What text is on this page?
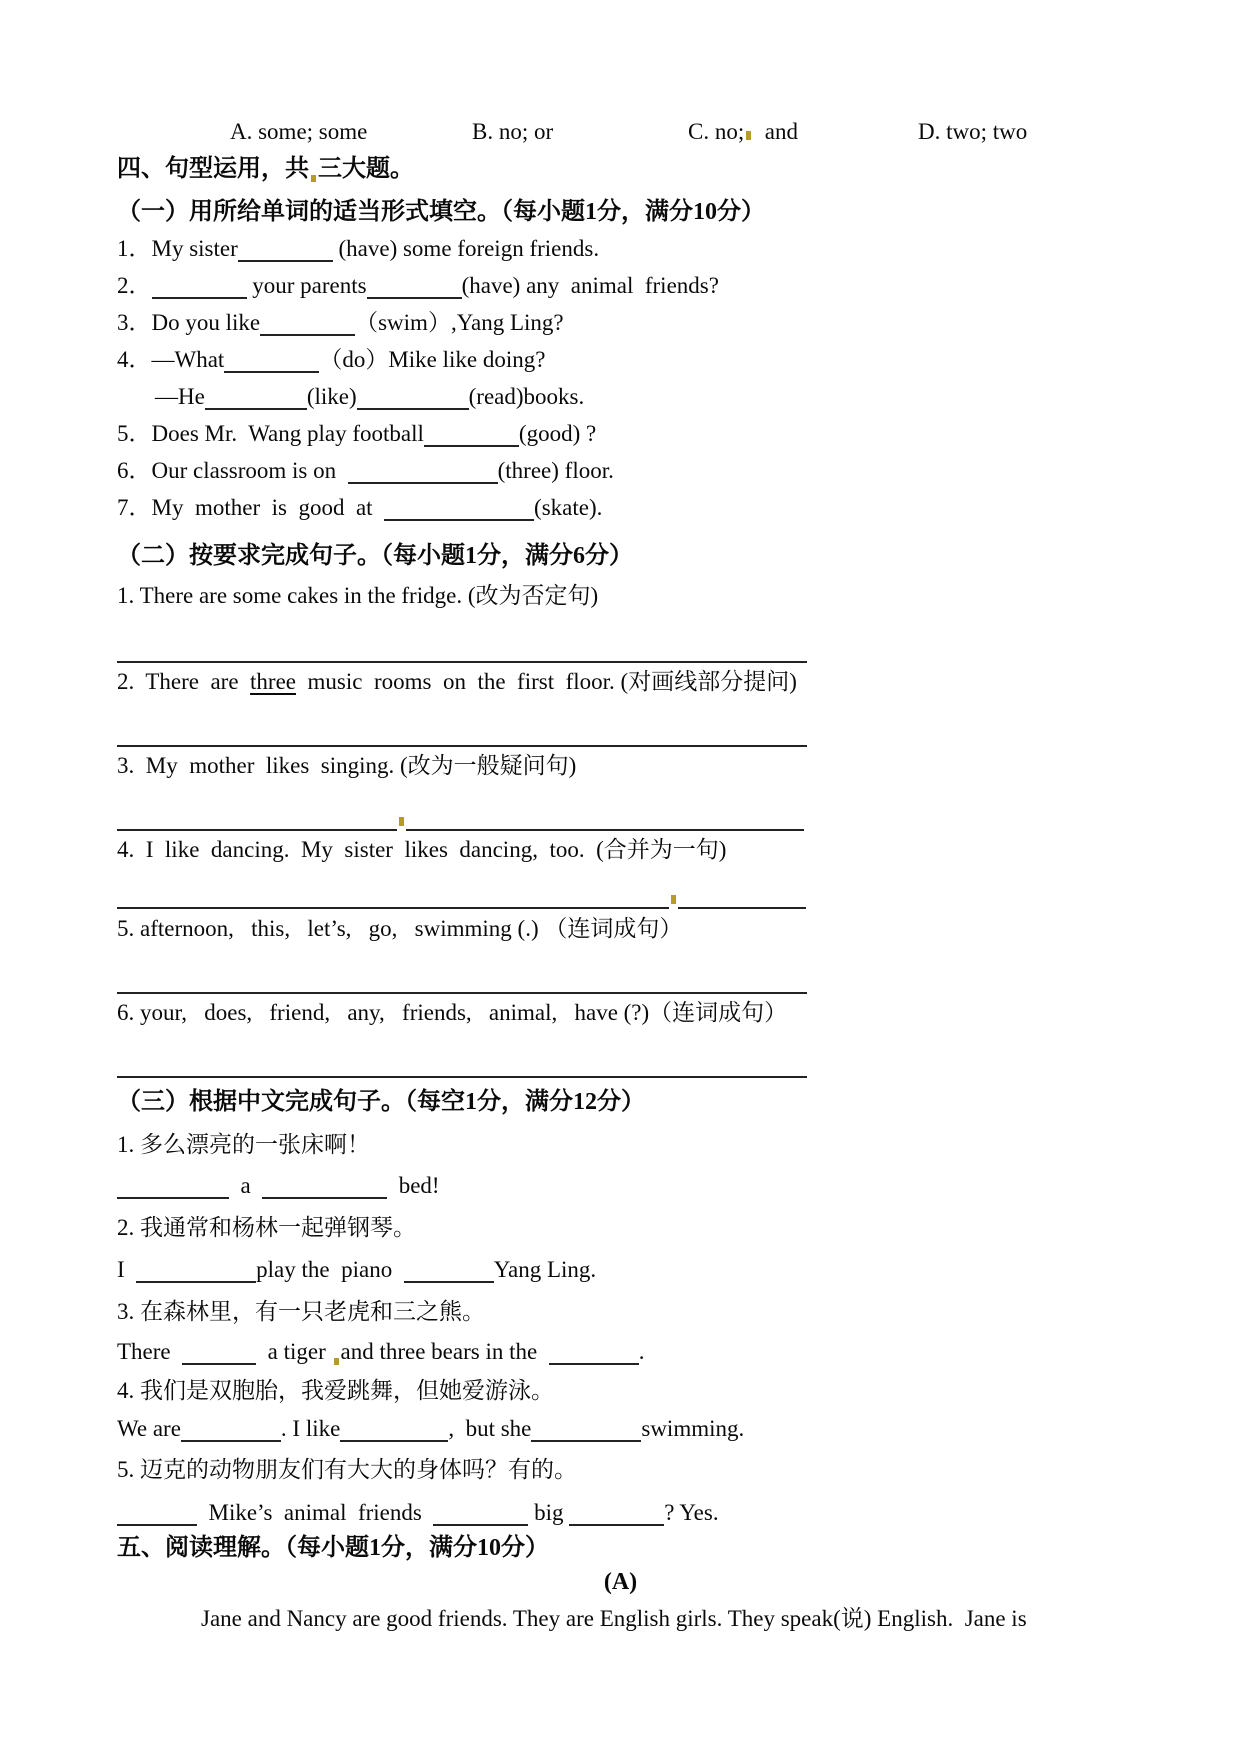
A. some; some

	B. no; or

	C. no;  and

	D. two; two

四、句型运用，共 三大题。
（一）用所给单词的适当形式填空。（每小题1分，满分10分）
1．My sister	(have) some foreign friends.
2．	your parents	(have) any  animal  friends?
3．Do you like	（swim）,Yang Ling?
4．—What	（do）Mike like doing?
—He	(like)	(read)books.
5．Does Mr.  Wang play football	(good) ?
6．Our classroom is on	(three) floor.
7．My  mother  is  good  at	(skate).
（二）按要求完成句子。（每小题1分，满分6分）
1. There are some cakes in the fridge. (改为否定句)
2.  There  are  three  music  rooms  on  the  first  floor. (对画线部分提问)
3.  My  mother  likes  singing. (改为一般疑问句)
4.  I  like  dancing.  My  sister  likes  dancing,  too.  (合并为一句)
5. afternoon,   this,   let’s,   go,   swimming (.) （连词成句）
6. your,   does,   friend,   any,   friends,   animal,   have (?)（连词成句）
（三）根据中文完成句子。（每空1分，满分12分）
1. 多么漂亮的一张床啊！
a	bed!
2. 我通常和杨林一起弹钢琴。
I	play the  piano	Yang Ling.
3. 在森林里，有一只老虎和三之熊。
There	a tiger and three bears in the	.
4. 我们是双胞胎，我爱跳舞，但她爱游泳。
We are	. I like	,  but she	swimming.
5. 迈克的动物朋友们有大大的身体吗？有的。
Mike’s  animal  friends	big	? Yes.
五、阅读理解。（每小题1分，满分10分）
(A)
Jane and Nancy are good friends. They are English girls. They speak(说) English.  Jane is
